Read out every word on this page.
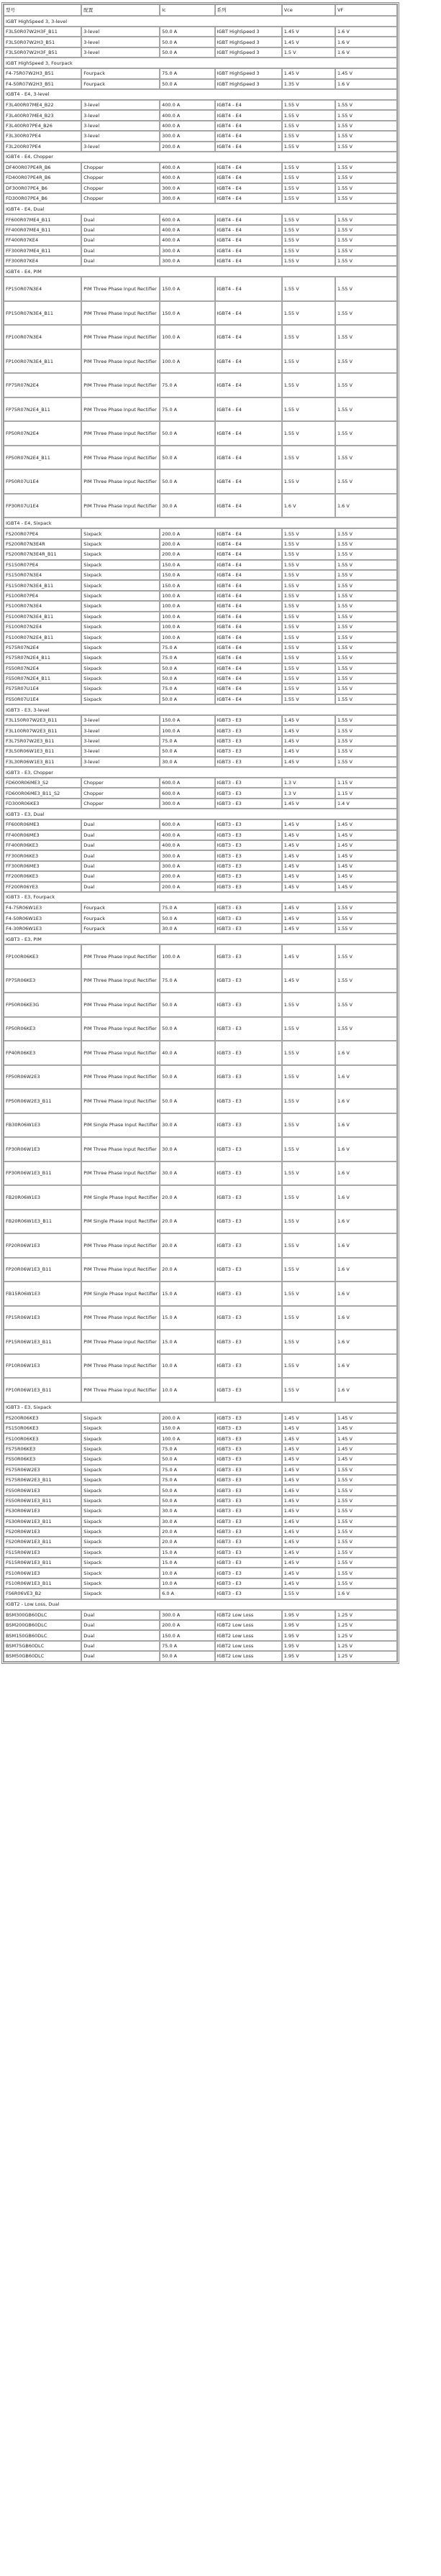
型号	配置	Ic	系列	Vce	VF
IGBT HighSpeed 3, 3-level					
F3L50R07W2H3F_B11	3-level	50.0 A	IGBT HighSpeed 3	1.45 V	1.6 V
F3L50R07W2H3_B51	3-level	50.0 A	IGBT HighSpeed 3	1.45 V	1.6 V
F3L50R07W2H3F_B51	3-level	50.0 A	IGBT HighSpeed 3	1.5 V	1.6 V
IGBT HighSpeed 3, Fourpack					
F4-75R07W2H3_B51	Fourpack	75.0 A	IGBT HighSpeed 3	1.45 V	1.45 V
F4-50R07W2H3_B51	Fourpack	50.0 A	IGBT HighSpeed 3	1.35 V	1.6 V
IGBT4 - E4, 3-level					
F3L400R07ME4_B22	3-level	400.0 A	IGBT4 - E4	1.55 V	1.55 V
F3L400R07ME4_B23	3-level	400.0 A	IGBT4 - E4	1.55 V	1.55 V
F3L400R07PE4_B26	3-level	400.0 A	IGBT4 - E4	1.55 V	1.55 V
F3L300R07PE4	3-level	300.0 A	IGBT4 - E4	1.55 V	1.55 V
F3L200R07PE4	3-level	200.0 A	IGBT4 - E4	1.55 V	1.55 V
IGBT4 - E4, Chopper					
DF400R07PE4R_B6	Chopper	400.0 A	IGBT4 - E4	1.55 V	1.55 V
FD400R07PE4R_B6	Chopper	400.0 A	IGBT4 - E4	1.55 V	1.55 V
DF300R07PE4_B6	Chopper	300.0 A	IGBT4 - E4	1.55 V	1.55 V
FD300R07PE4_B6	Chopper	300.0 A	IGBT4 - E4	1.55 V	1.55 V
IGBT4 - E4, Dual					
FF600R07ME4_B11	Dual	600.0 A	IGBT4 - E4	1.55 V	1.55 V
FF400R07ME4_B11	Dual	400.0 A	IGBT4 - E4	1.55 V	1.55 V
FF400R07KE4	Dual	400.0 A	IGBT4 - E4	1.55 V	1.55 V
FF300R07ME4_B11	Dual	300.0 A	IGBT4 - E4	1.55 V	1.55 V
FF300R07KE4	Dual	300.0 A	IGBT4 - E4	1.55 V	1.55 V
IGBT4 - E4, PIM					
FP150R07N3E4	PIM Three Phase Input Rectifier	150.0 A	IGBT4 - E4	1.55 V	1.55 V
FP150R07N3E4_B11	PIM Three Phase Input Rectifier	150.0 A	IGBT4 - E4	1.55 V	1.55 V
FP100R07N3E4	PIM Three Phase Input Rectifier	100.0 A	IGBT4 - E4	1.55 V	1.55 V
FP100R07N3E4_B11	PIM Three Phase Input Rectifier	100.0 A	IGBT4 - E4	1.55 V	1.55 V
FP75R07N2E4	PIM Three Phase Input Rectifier	75.0 A	IGBT4 - E4	1.55 V	1.55 V
FP75R07N2E4_B11	PIM Three Phase Input Rectifier	75.0 A	IGBT4 - E4	1.55 V	1.55 V
FP50R07N2E4	PIM Three Phase Input Rectifier	50.0 A	IGBT4 - E4	1.55 V	1.55 V
FP50R07N2E4_B11	PIM Three Phase Input Rectifier	50.0 A	IGBT4 - E4	1.55 V	1.55 V
FP50R07U1E4	PIM Three Phase Input Rectifier	50.0 A	IGBT4 - E4	1.55 V	1.55 V
FP30R07U1E4	PIM Three Phase Input Rectifier	30.0 A	IGBT4 - E4	1.6 V	1.6 V
IGBT4 - E4, Sixpack					
FS200R07PE4	Sixpack	200.0 A	IGBT4 - E4	1.55 V	1.55 V
FS200R07N3E4R	Sixpack	200.0 A	IGBT4 - E4	1.55 V	1.55 V
FS200R07N3E4R_B11	Sixpack	200.0 A	IGBT4 - E4	1.55 V	1.55 V
FS150R07PE4	Sixpack	150.0 A	IGBT4 - E4	1.55 V	1.55 V
FS150R07N3E4	Sixpack	150.0 A	IGBT4 - E4	1.55 V	1.55 V
FS150R07N3E4_B11	Sixpack	150.0 A	IGBT4 - E4	1.55 V	1.55 V
FS100R07PE4	Sixpack	100.0 A	IGBT4 - E4	1.55 V	1.55 V
FS100R07N3E4	Sixpack	100.0 A	IGBT4 - E4	1.55 V	1.55 V
FS100R07N3E4_B11	Sixpack	100.0 A	IGBT4 - E4	1.55 V	1.55 V
FS100R07N2E4	Sixpack	100.0 A	IGBT4 - E4	1.55 V	1.55 V
FS100R07N2E4_B11	Sixpack	100.0 A	IGBT4 - E4	1.55 V	1.55 V
FS75R07N2E4	Sixpack	75.0 A	IGBT4 - E4	1.55 V	1.55 V
FS75R07N2E4_B11	Sixpack	75.0 A	IGBT4 - E4	1.55 V	1.55 V
FS50R07N2E4	Sixpack	50.0 A	IGBT4 - E4	1.55 V	1.55 V
FS50R07N2E4_B11	Sixpack	50.0 A	IGBT4 - E4	1.55 V	1.55 V
FS75R07U1E4	Sixpack	75.0 A	IGBT4 - E4	1.55 V	1.55 V
FS50R07U1E4	Sixpack	50.0 A	IGBT4 - E4	1.55 V	1.55 V
IGBT3 - E3, 3-level					
F3L150R07W2E3_B11	3-level	150.0 A	IGBT3 - E3	1.45 V	1.55 V
F3L100R07W2E3_B11	3-level	100.0 A	IGBT3 - E3	1.45 V	1.55 V
F3L75R07W2E3_B11	3-level	75.0 A	IGBT3 - E3	1.45 V	1.55 V
F3L50R06W1E3_B11	3-level	50.0 A	IGBT3 - E3	1.45 V	1.55 V
F3L30R06W1E3_B11	3-level	30.0 A	IGBT3 - E3	1.45 V	1.55 V
IGBT3 - E3, Chopper					
FD600R06ME3_S2	Chopper	600.0 A	IGBT3 - E3	1.3 V	1.15 V
FD600R06ME3_B11_S2	Chopper	600.0 A	IGBT3 - E3	1.3 V	1.15 V
FD300R06KE3	Chopper	300.0 A	IGBT3 - E3	1.45 V	1.4 V
IGBT3 - E3, Dual					
FF600R06ME3	Dual	600.0 A	IGBT3 - E3	1.45 V	1.45 V
FF400R06ME3	Dual	400.0 A	IGBT3 - E3	1.45 V	1.45 V
FF400R06KE3	Dual	400.0 A	IGBT3 - E3	1.45 V	1.45 V
FF300R06KE3	Dual	300.0 A	IGBT3 - E3	1.45 V	1.45 V
FF300R06ME3	Dual	300.0 A	IGBT3 - E3	1.45 V	1.45 V
FF200R06KE3	Dual	200.0 A	IGBT3 - E3	1.45 V	1.45 V
FF200R06YE3	Dual	200.0 A	IGBT3 - E3	1.45 V	1.45 V
IGBT3 - E3, Fourpack					
F4-75R06W1E3	Fourpack	75.0 A	IGBT3 - E3	1.45 V	1.55 V
F4-50R06W1E3	Fourpack	50.0 A	IGBT3 - E3	1.45 V	1.55 V
F4-30R06W1E3	Fourpack	30.0 A	IGBT3 - E3	1.45 V	1.55 V
IGBT3 - E3, PIM					
FP100R06KE3	PIM Three Phase Input Rectifier	100.0 A	IGBT3 - E3	1.45 V	1.55 V
FP75R06KE3	PIM Three Phase Input Rectifier	75.0 A	IGBT3 - E3	1.45 V	1.55 V
FP50R06KE3G	PIM Three Phase Input Rectifier	50.0 A	IGBT3 - E3	1.55 V	1.55 V
FP50R06KE3	PIM Three Phase Input Rectifier	50.0 A	IGBT3 - E3	1.55 V	1.55 V
FP40R06KE3	PIM Three Phase Input Rectifier	40.0 A	IGBT3 - E3	1.55 V	1.6 V
FP50R06W2E3	PIM Three Phase Input Rectifier	50.0 A	IGBT3 - E3	1.55 V	1.6 V
FP50R06W2E3_B11	PIM Three Phase Input Rectifier	50.0 A	IGBT3 - E3	1.55 V	1.6 V
FB30R06W1E3	PIM Single Phase Input Rectifier	30.0 A	IGBT3 - E3	1.55 V	1.6 V
FP30R06W1E3	PIM Three Phase Input Rectifier	30.0 A	IGBT3 - E3	1.55 V	1.6 V
FP30R06W1E3_B11	PIM Three Phase Input Rectifier	30.0 A	IGBT3 - E3	1.55 V	1.6 V
FB20R06W1E3	PIM Single Phase Input Rectifier	20.0 A	IGBT3 - E3	1.55 V	1.6 V
FB20R06W1E3_B11	PIM Single Phase Input Rectifier	20.0 A	IGBT3 - E3	1.55 V	1.6 V
FP20R06W1E3	PIM Three Phase Input Rectifier	20.0 A	IGBT3 - E3	1.55 V	1.6 V
FP20R06W1E3_B11	PIM Three Phase Input Rectifier	20.0 A	IGBT3 - E3	1.55 V	1.6 V
FB15R06W1E3	PIM Single Phase Input Rectifier	15.0 A	IGBT3 - E3	1.55 V	1.6 V
FP15R06W1E3	PIM Three Phase Input Rectifier	15.0 A	IGBT3 - E3	1.55 V	1.6 V
FP15R06W1E3_B11	PIM Three Phase Input Rectifier	15.0 A	IGBT3 - E3	1.55 V	1.6 V
FP10R06W1E3	PIM Three Phase Input Rectifier	10.0 A	IGBT3 - E3	1.55 V	1.6 V
FP10R06W1E3_B11	PIM Three Phase Input Rectifier	10.0 A	IGBT3 - E3	1.55 V	1.6 V
IGBT3 - E3, Sixpack					
FS200R06KE3	Sixpack	200.0 A	IGBT3 - E3	1.45 V	1.45 V
FS150R06KE3	Sixpack	150.0 A	IGBT3 - E3	1.45 V	1.45 V
FS100R06KE3	Sixpack	100.0 A	IGBT3 - E3	1.45 V	1.45 V
FS75R06KE3	Sixpack	75.0 A	IGBT3 - E3	1.45 V	1.45 V
FS50R06KE3	Sixpack	50.0 A	IGBT3 - E3	1.45 V	1.45 V
FS75R06W2E3	Sixpack	75.0 A	IGBT3 - E3	1.45 V	1.55 V
FS75R06W2E3_B11	Sixpack	75.0 A	IGBT3 - E3	1.45 V	1.55 V
FS50R06W1E3	Sixpack	50.0 A	IGBT3 - E3	1.45 V	1.55 V
FS50R06W1E3_B11	Sixpack	50.0 A	IGBT3 - E3	1.45 V	1.55 V
FS30R06W1E3	Sixpack	30.0 A	IGBT3 - E3	1.45 V	1.55 V
FS30R06W1E3_B11	Sixpack	30.0 A	IGBT3 - E3	1.45 V	1.55 V
FS20R06W1E3	Sixpack	20.0 A	IGBT3 - E3	1.45 V	1.55 V
FS20R06W1E3_B11	Sixpack	20.0 A	IGBT3 - E3	1.45 V	1.55 V
FS15R06W1E3	Sixpack	15.0 A	IGBT3 - E3	1.45 V	1.55 V
FS15R06W1E3_B11	Sixpack	15.0 A	IGBT3 - E3	1.45 V	1.55 V
FS10R06W1E3	Sixpack	10.0 A	IGBT3 - E3	1.45 V	1.55 V
FS10R06W1E3_B11	Sixpack	10.0 A	IGBT3 - E3	1.45 V	1.55 V
FS6R06VE3_B2	Sixpack	6.0 A	IGBT3 - E3	1.55 V	1.6 V
IGBT2 - Low Loss, Dual					
BSM300GB60DLC	Dual	300.0 A	IGBT2 Low Loss	1.95 V	1.25 V
BSM200GB60DLC	Dual	200.0 A	IGBT2 Low Loss	1.95 V	1.25 V
BSM150GB60DLC	Dual	150.0 A	IGBT2 Low Loss	1.95 V	1.25 V
BSM75GB60DLC	Dual	75.0 A	IGBT2 Low Loss	1.95 V	1.25 V
BSM50GB60DLC	Dual	50.0 A	IGBT2 Low Loss	1.95 V	1.25 V
